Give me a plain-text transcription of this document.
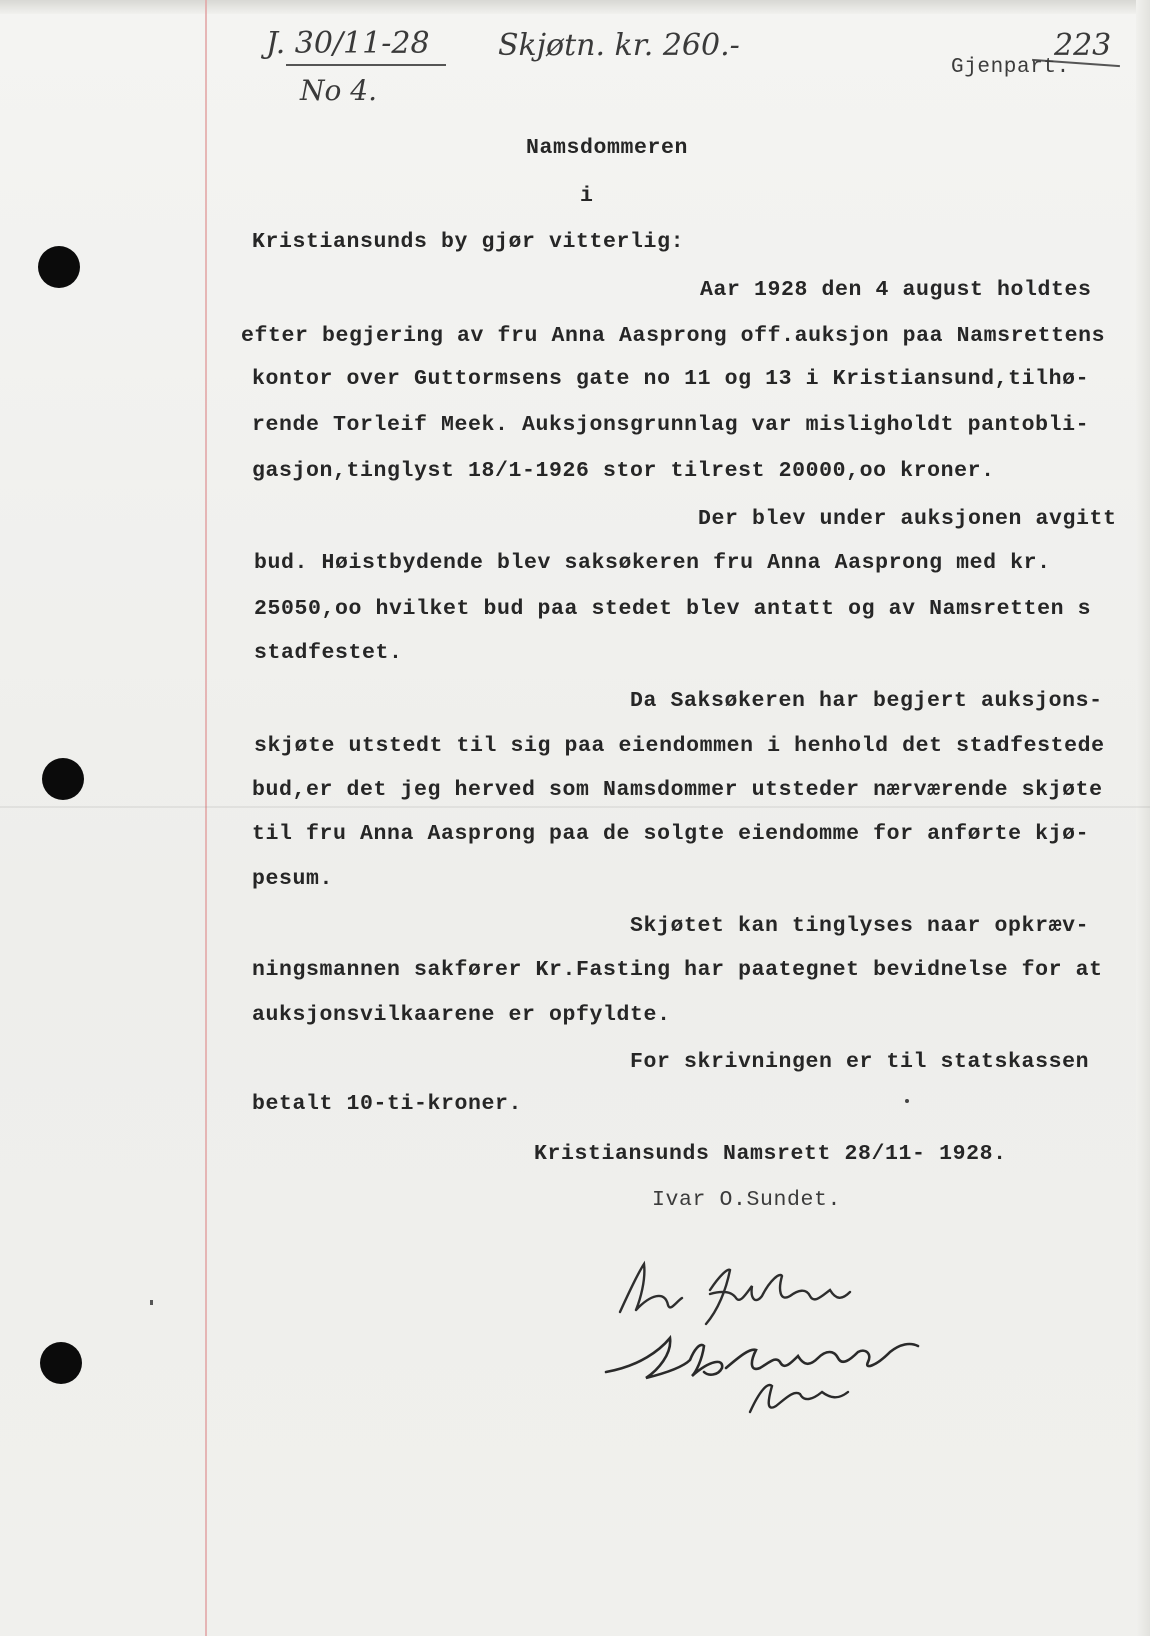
J. 30/11-28
No 4.
Skjøtn. kr. 260.-	223
Gjenpart.
Namsdommeren
i
Kristiansunds by gjør vitterlig:
Aar 1928 den 4 august holdtes
efter begjering av fru Anna Aasprong off.auksjon paa Namsrettens
kontor over Guttormsens gate no 11 og 13 i Kristiansund,tilhø-
rende Torleif Meek. Auksjonsgrunnlag var misligholdt pantobli-
gasjon,tinglyst 18/1-1926 stor tilrest 20000,oo kroner.
Der blev under auksjonen avgitt
bud. Høistbydende blev saksøkeren fru Anna Aasprong med kr.
25050,oo hvilket bud paa stedet blev antatt og av Namsretten s
stadfestet.
Da Saksøkeren har begjert auksjons-
skjøte utstedt til sig paa eiendommen i henhold det stadfestede
bud,er det jeg herved som Namsdommer utsteder nærværende skjøte
til fru Anna Aasprong paa de solgte eiendomme for anførte kjø-
pesum.
Skjøtet kan tinglyses naar opkræv-
ningsmannen sakfører Kr.Fasting har paategnet bevidnelse for at
auksjonsvilkaarene er opfyldte.
For skrivningen er til statskassen
betalt 10-ti-kroner.
Kristiansunds Namsrett 28/11- 1928.
Ivar O.Sundet.
